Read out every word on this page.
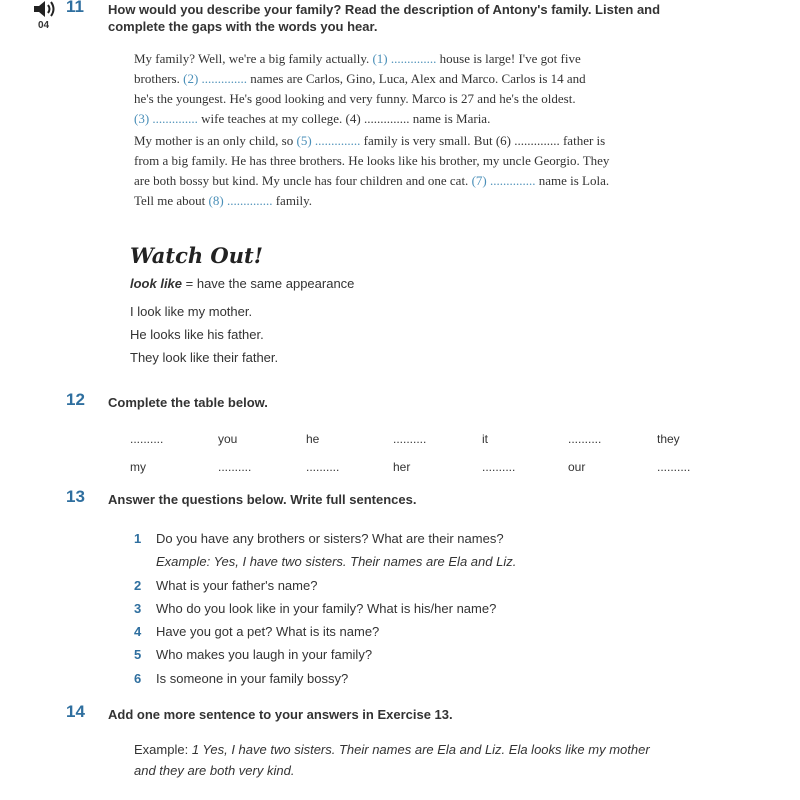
04
11 How would you describe your family? Read the description of Antony's family. Listen and
complete the gaps with the words you hear.
My family? Well, we're a big family actually. (1) .............. house is large! I've got five
brothers. (2) .............. names are Carlos, Gino, Luca, Alex and Marco. Carlos is 14 and
he's the youngest. He's good looking and very funny. Marco is 27 and he's the oldest.
(3) .............. wife teaches at my college. (4) .............. name is Maria.
My mother is an only child, so (5) .............. family is very small. But (6) .............. father is
from a big family. He has three brothers. He looks like his brother, my uncle Georgio. They
are both bossy but kind. My uncle has four children and one cat. (7) .............. name is Lola.
Tell me about (8) .............. family.
Watch Out!
look like = have the same appearance
I look like my mother.
He looks like his father.
They look like their father.
12 Complete the table below.
..........	you	he	..........	it	..........	they
my	..........	..........	her	..........	our	..........
13 Answer the questions below. Write full sentences.
1 Do you have any brothers or sisters? What are their names?
Example: Yes, I have two sisters. Their names are Ela and Liz.
2 What is your father's name?
3 Who do you look like in your family? What is his/her name?
4 Have you got a pet? What is its name?
5 Who makes you laugh in your family?
6 Is someone in your family bossy?
14 Add one more sentence to your answers in Exercise 13.
Example: 1 Yes, I have two sisters. Their names are Ela and Liz. Ela looks like my mother
and they are both very kind.
